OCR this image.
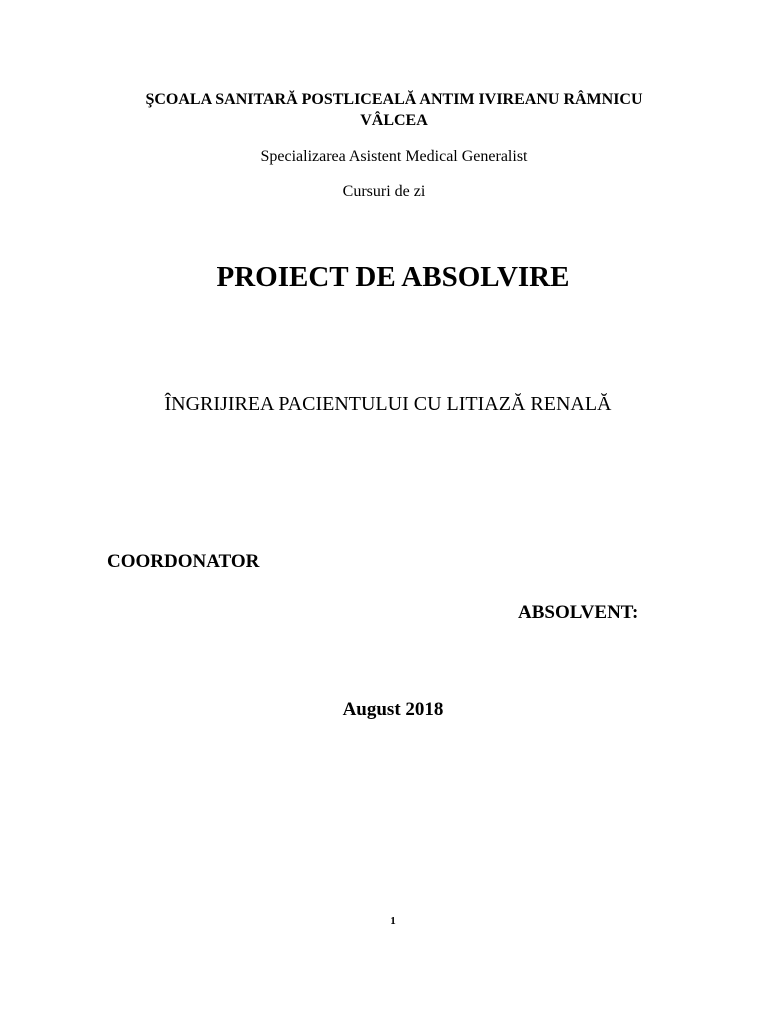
ŞCOALA SANITARĂ POSTLICEALĂ ANTIM IVIREANU RÂMNICU
VÂLCEA
Specializarea Asistent Medical Generalist
Cursuri de zi
PROIECT DE ABSOLVIRE
ÎNGRIJIREA PACIENTULUI CU LITIAZĂ RENALĂ
COORDONATOR
ABSOLVENT:
August 2018
1
